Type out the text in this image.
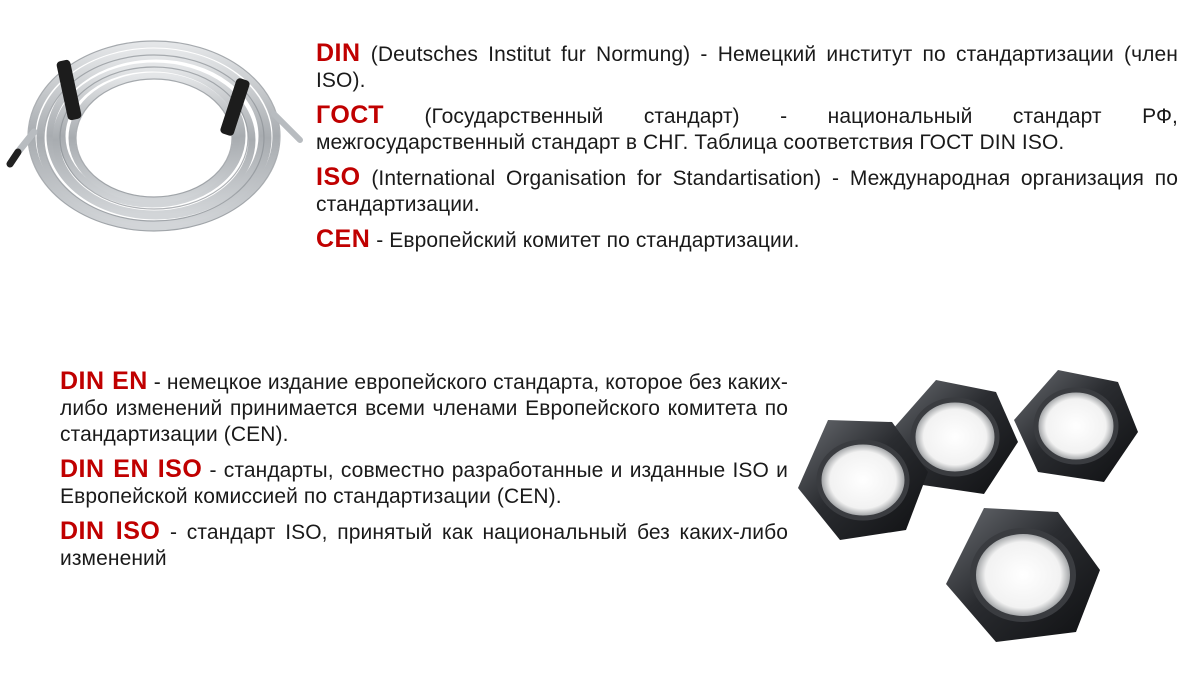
DIN (Deutsches Institut fur Normung) - Немецкий институт по стандартизации (член ISO).

ГОСТ (Государственный стандарт) - национальный стандарт РФ, межгосударственный стандарт в СНГ. Таблица соответствия ГОСТ DIN ISO.

ISO (International Organisation for Standartisation) - Международная организация по стандартизации.

CEN - Европейский комитет по стандартизации.

DIN EN - немецкое издание европейского стандарта, которое без каких- либо изменений принимается всеми членами Европейского комитета по стандартизации (CEN).

DIN EN ISO - стандарты, совместно разработанные и изданные ISO и Европейской комиссией по стандартизации (CEN).

DIN ISO - стандарт ISO, принятый как национальный без каких-либо изменений
